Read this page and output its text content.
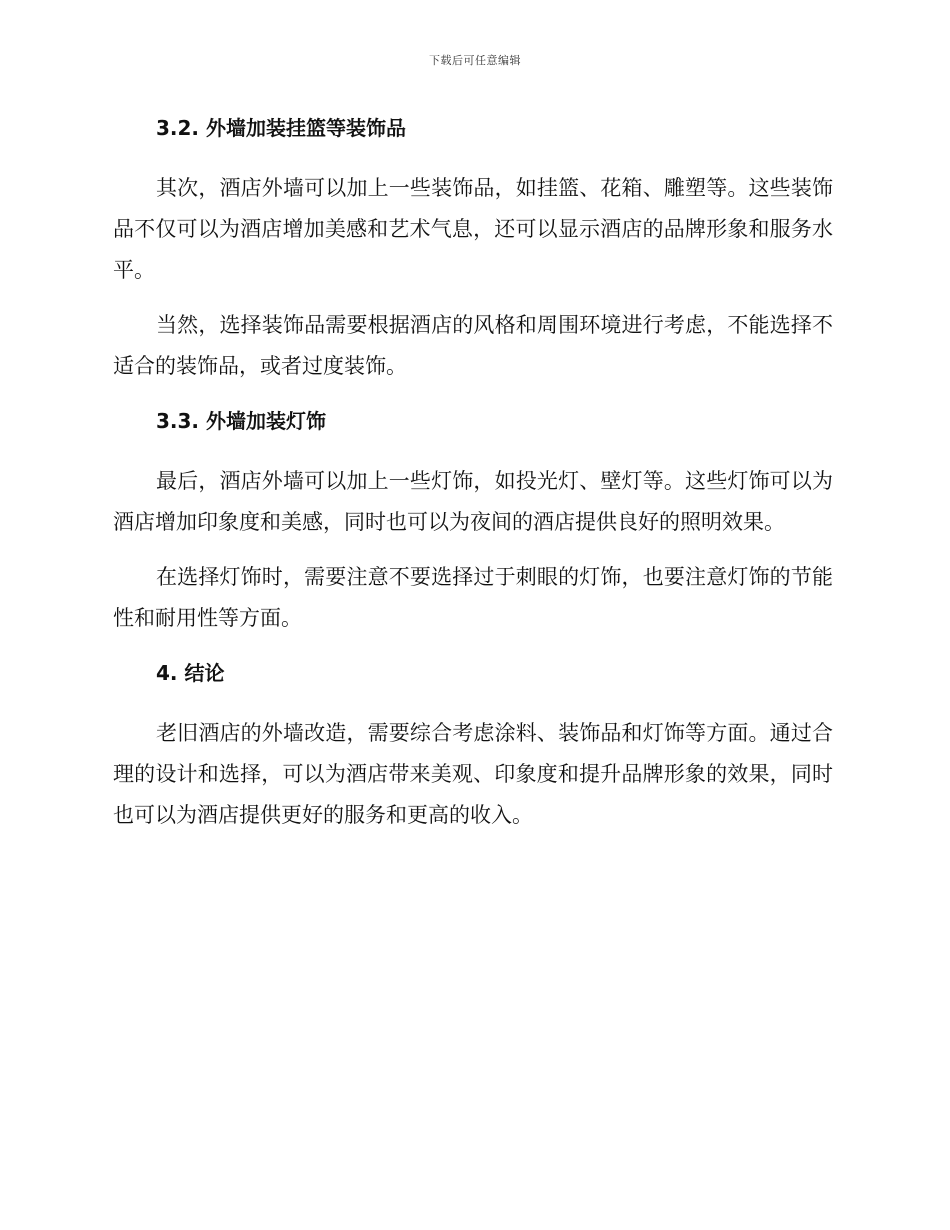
下载后可任意编辑
3.2. 外墙加装挂篮等装饰品

其次，酒店外墙可以加上一些装饰品，如挂篮、花箱、雕塑等。这些装饰品不仅可以为酒店增加美感和艺术气息，还可以显示酒店的品牌形象和服务水平。

当然，选择装饰品需要根据酒店的风格和周围环境进行考虑，不能选择不适合的装饰品，或者过度装饰。

3.3. 外墙加装灯饰

最后，酒店外墙可以加上一些灯饰，如投光灯、壁灯等。这些灯饰可以为酒店增加印象度和美感，同时也可以为夜间的酒店提供良好的照明效果。

在选择灯饰时，需要注意不要选择过于刺眼的灯饰，也要注意灯饰的节能性和耐用性等方面。

4. 结论

老旧酒店的外墙改造，需要综合考虑涂料、装饰品和灯饰等方面。通过合理的设计和选择，可以为酒店带来美观、印象度和提升品牌形象的效果，同时也可以为酒店提供更好的服务和更高的收入。
